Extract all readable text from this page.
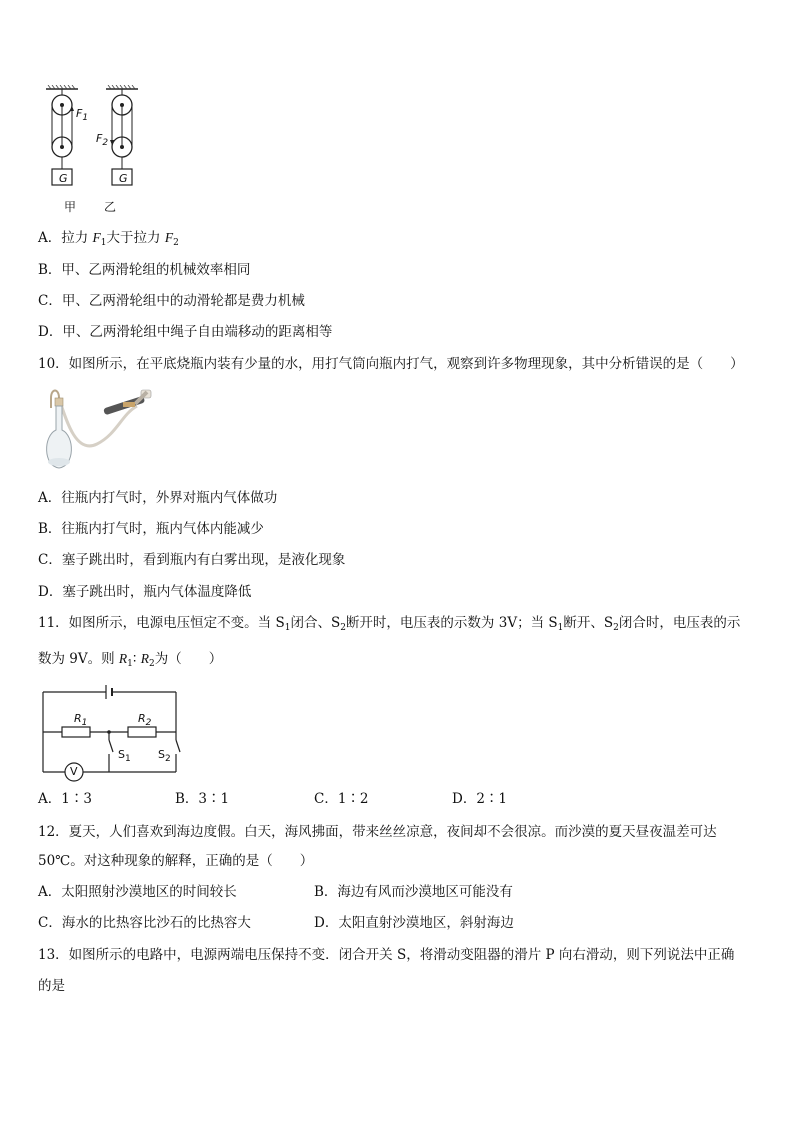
$F_1$
$F_2$
G	G
甲 乙
A．拉力 $F_1$大于拉力 $F_2$
B．甲、乙两滑轮组的机械效率相同
C．甲、乙两滑轮组中的动滑轮都是费力机械
D．甲、乙两滑轮组中绳子自由端移动的距离相等
10．如图所示，在平底烧瓶内装有少量的水，用打气筒向瓶内打气，观察到许多物理现象，其中分析错误的是（　　）
A．往瓶内打气时，外界对瓶内气体做功
B．往瓶内打气时，瓶内气体内能减少
C．塞子跳出时，看到瓶内有白雾出现，是液化现象
D．塞子跳出时，瓶内气体温度降低
11．如图所示，电源电压恒定不变。当 $S_1$闭合、$S_2$断开时，电压表的示数为 3V；当 $S_1$断开、$S_2$闭合时，电压表的示
数为 9V。则 $R_1∶$ $R_2$为（　　）
$R_1$	$R_2$
$S_1$ $S_2$
V
A．1∶3	B．3∶1	C．1∶2	D．2∶1
12．夏天，人们喜欢到海边度假。白天，海风拂面，带来丝丝凉意，夜间却不会很凉。而沙漠的夏天昼夜温差可达
50℃。对这种现象的解释，正确的是（　　）
A．太阳照射沙漠地区的时间较长	B．海边有风而沙漠地区可能没有
C．海水的比热容比沙石的比热容大	D．太阳直射沙漠地区，斜射海边
13．如图所示的电路中，电源两端电压保持不变．闭合开关 S，将滑动变阻器的滑片 P 向右滑动，则下列说法中正确
的是
